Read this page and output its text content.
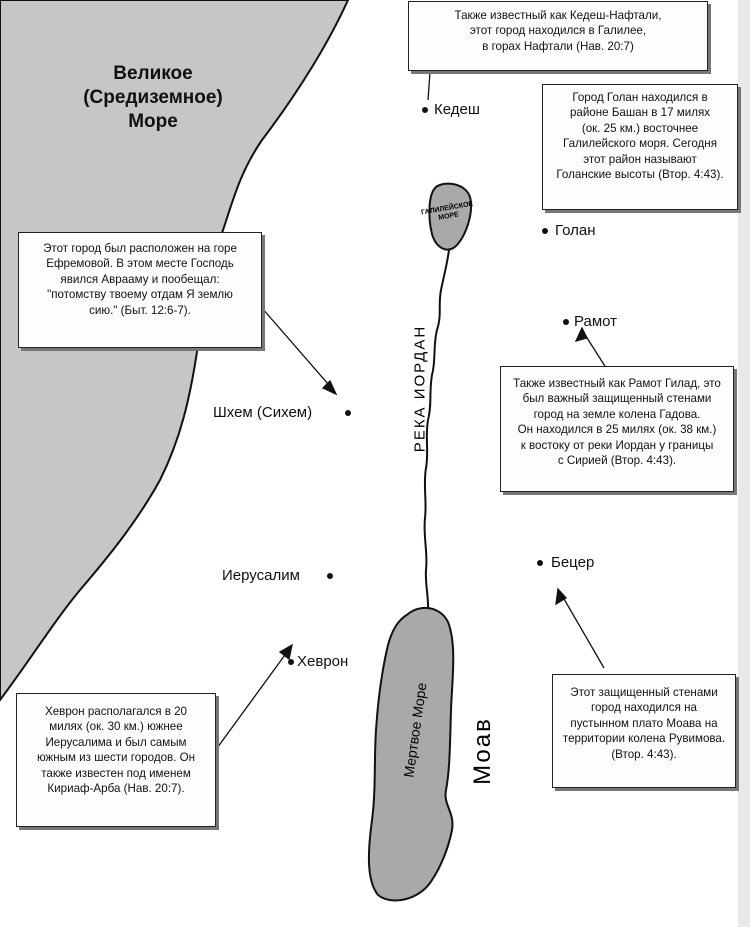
Великое
(Средиземное)
Море
Кедеш
Голан
Рамот
Шхем (Сихем)
Иерусалим
Хеврон
Бецер
ГАЛИЛЕЙСКОЕ МОРЕ
РЕКА ИОРДАН
Мертвое Море Моав
Также известный как Кедеш-Нафтали,
этот город находился в Галилее,
в горах Нафтали (Нав. 20:7)
Город Голан находился в
районе Башан в 17 милях
(ок. 25 км.) восточнее
Галилейского моря. Сегодня
этот район называют
Голанские высоты (Втор. 4:43).
Этот город был расположен на горе
Ефремовой. В этом месте Господь
явился Аврааму и пообещал:
"потомству твоему отдам Я землю
сию." (Быт. 12:6-7).
Также известный как Рамот Гилад, это
был важный защищенный стенами
город на земле колена Гадова.
Он находился в 25 милях (ок. 38 км.)
к востоку от реки Иордан у границы
с Сирией (Втор. 4:43).
Хеврон располагался в 20
милях (ок. 30 км.) южнее
Иерусалима и был самым
южным из шести городов. Он
также известен под именем
Кириаф-Арба (Нав. 20:7).
Этот защищенный стенами
город находился на
пустынном плато Моава на
территории колена Рувимова.
(Втор. 4:43).
